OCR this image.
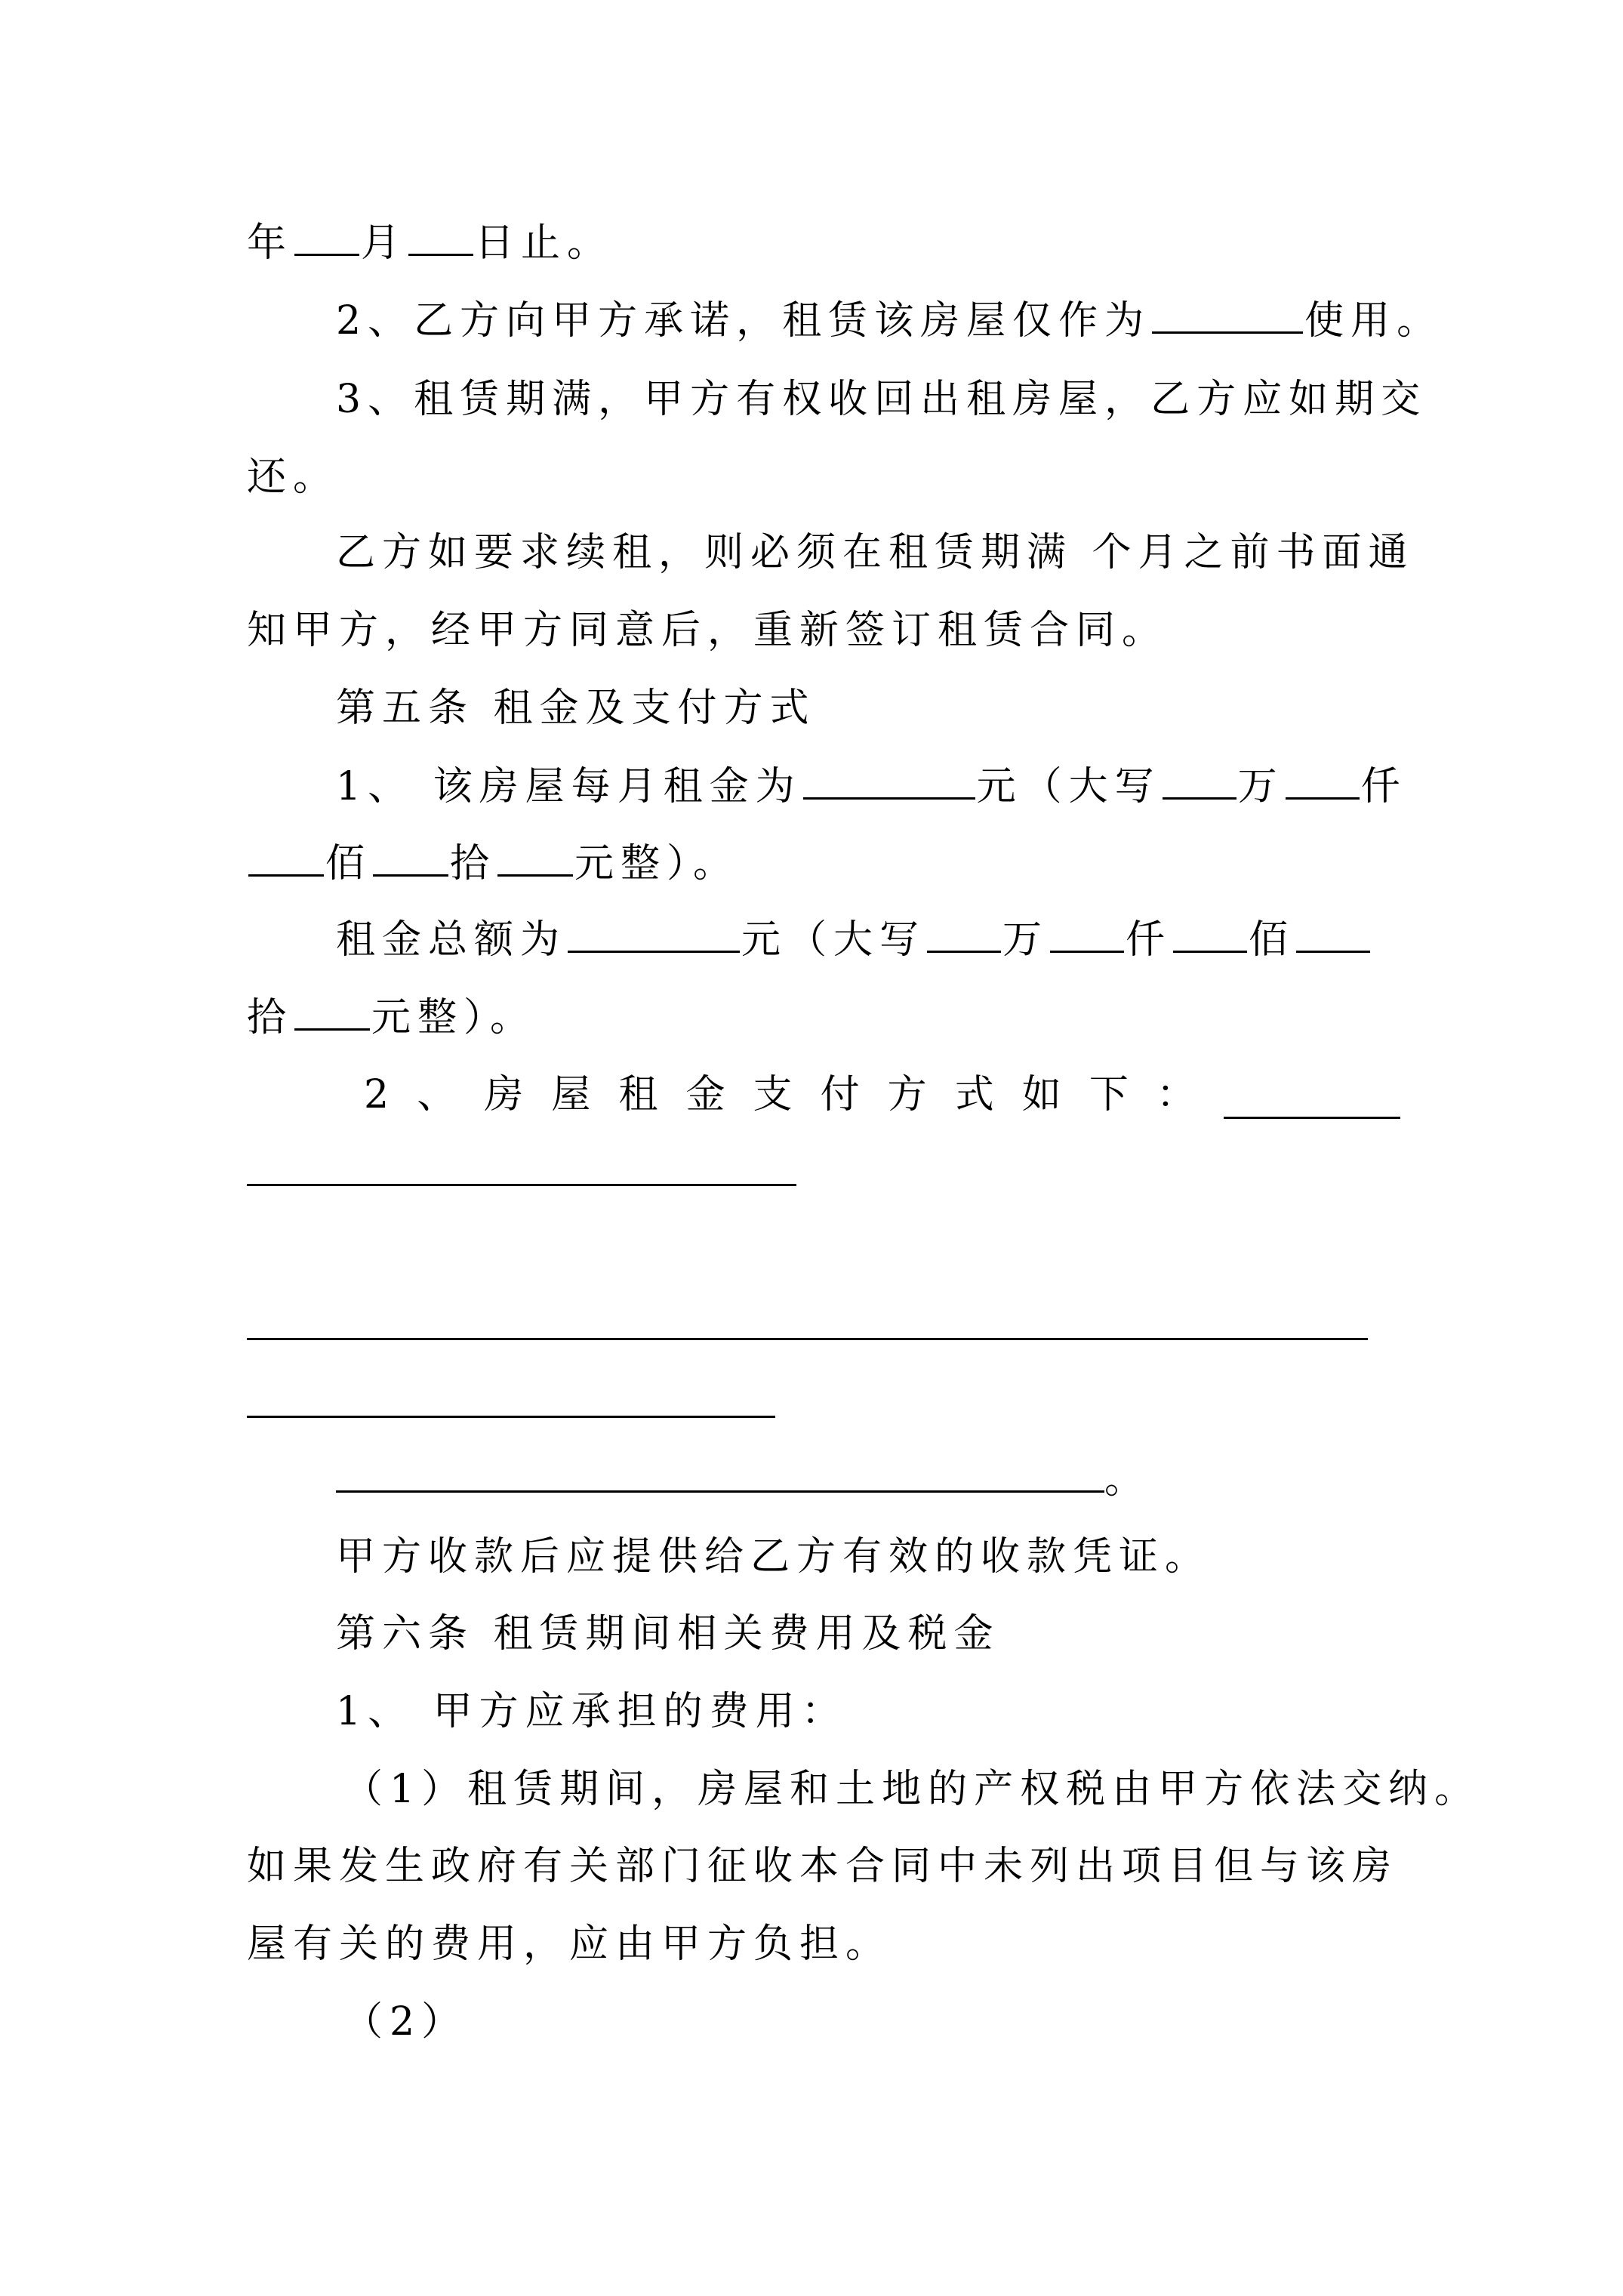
年 月 日止。
2、乙方向甲方承诺，租赁该房屋仅作为	使用。
3、租赁期满，甲方有权收回出租房屋，乙方应如期交
还。
乙方如要求续租，则必须在租赁期满 个月之前书面通
知甲方，经甲方同意后，重新签订租赁合同。
第五条 租金及支付方式
1、 该房屋每月租金为	元（大写 万 仟
佰 拾 元整）。
租金总额为	元（大写 万 仟 佰
拾 元整）。
2 、 房 屋 租 金 支 付 方 式 如 下 ：
。
甲方收款后应提供给乙方有效的收款凭证。
第六条 租赁期间相关费用及税金
1、 甲方应承担的费用：
（1）租赁期间，房屋和土地的产权税由甲方依法交纳。
如果发生政府有关部门征收本合同中未列出项目但与该房
屋有关的费用，应由甲方负担。
（2）
